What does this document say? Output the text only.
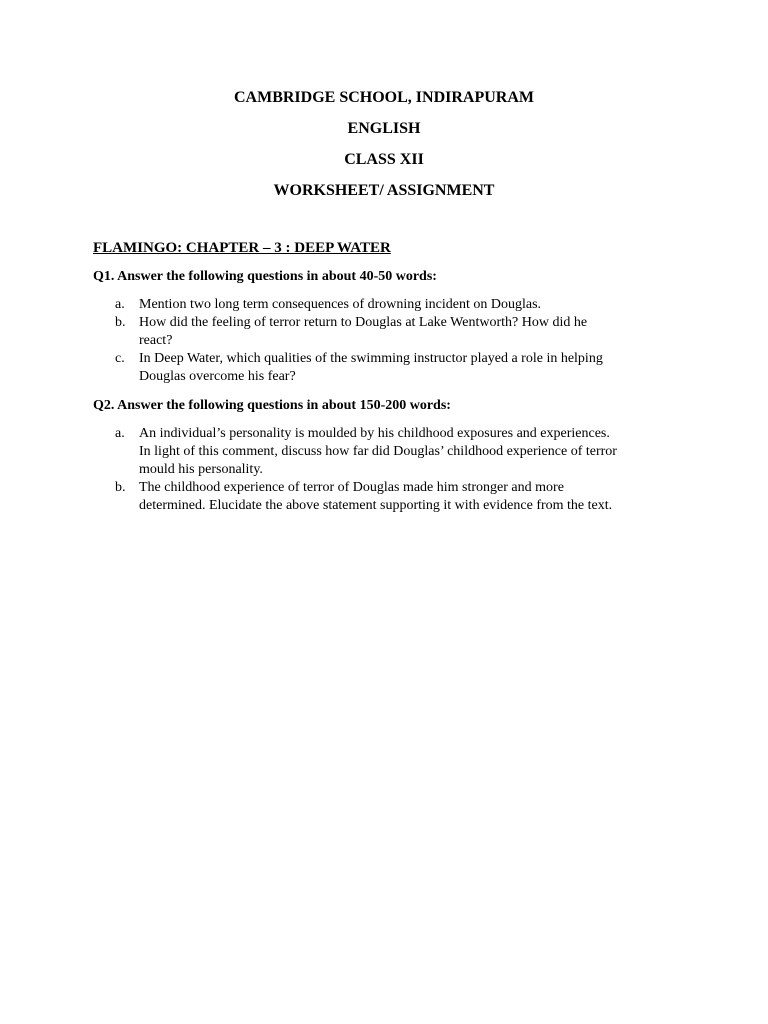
CAMBRIDGE SCHOOL, INDIRAPURAM
ENGLISH
CLASS XII
WORKSHEET/ ASSIGNMENT
FLAMINGO: CHAPTER – 3 : DEEP WATER
Q1. Answer the following questions in about 40-50 words:
a.	Mention two long term consequences of drowning incident on Douglas.
b. How did the feeling of terror return to Douglas at Lake Wentworth? How did he
react?
c.	In Deep Water, which qualities of the swimming instructor played a role in helping
Douglas overcome his fear?
Q2. Answer the following questions in about 150-200 words:
a.	An individual’s personality is moulded by his childhood exposures and experiences.
In light of this comment, discuss how far did Douglas’ childhood experience of terror
mould his personality.
b. The childhood experience of terror of Douglas made him stronger and more
determined. Elucidate the above statement supporting it with evidence from the text.
